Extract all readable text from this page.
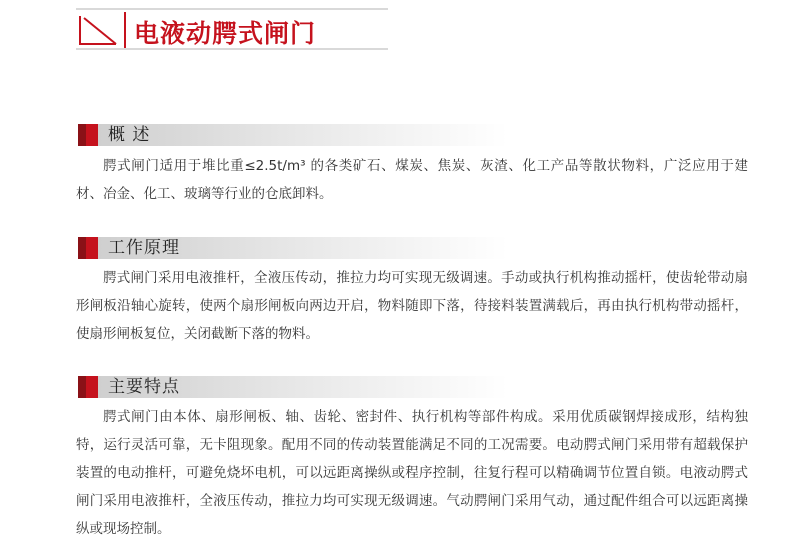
电液动腭式闸门
概 述

腭式闸门适用于堆比重≤2.5t/m³ 的各类矿石、煤炭、焦炭、灰渣、化工产品等散状物料，广泛应用于建材、冶金、化工、玻璃等行业的仓底卸料。

工作原理

腭式闸门采用电液推杆，全液压传动，推拉力均可实现无级调速。手动或执行机构推动摇杆，使齿轮带动扇形闸板沿轴心旋转，使两个扇形闸板向两边开启，物料随即下落，待接料装置满载后，再由执行机构带动摇杆，使扇形闸板复位，关闭截断下落的物料。

主要特点

腭式闸门由本体、扇形闸板、轴、齿轮、密封件、执行机构等部件构成。采用优质碳钢焊接成形，结构独特，运行灵活可靠，无卡阻现象。配用不同的传动装置能满足不同的工况需要。电动腭式闸门采用带有超载保护装置的电动推杆，可避免烧坏电机，可以远距离操纵或程序控制，往复行程可以精确调节位置自锁。电液动腭式闸门采用电液推杆，全液压传动，推拉力均可实现无级调速。气动腭闸门采用气动，通过配件组合可以远距离操纵或现场控制。
